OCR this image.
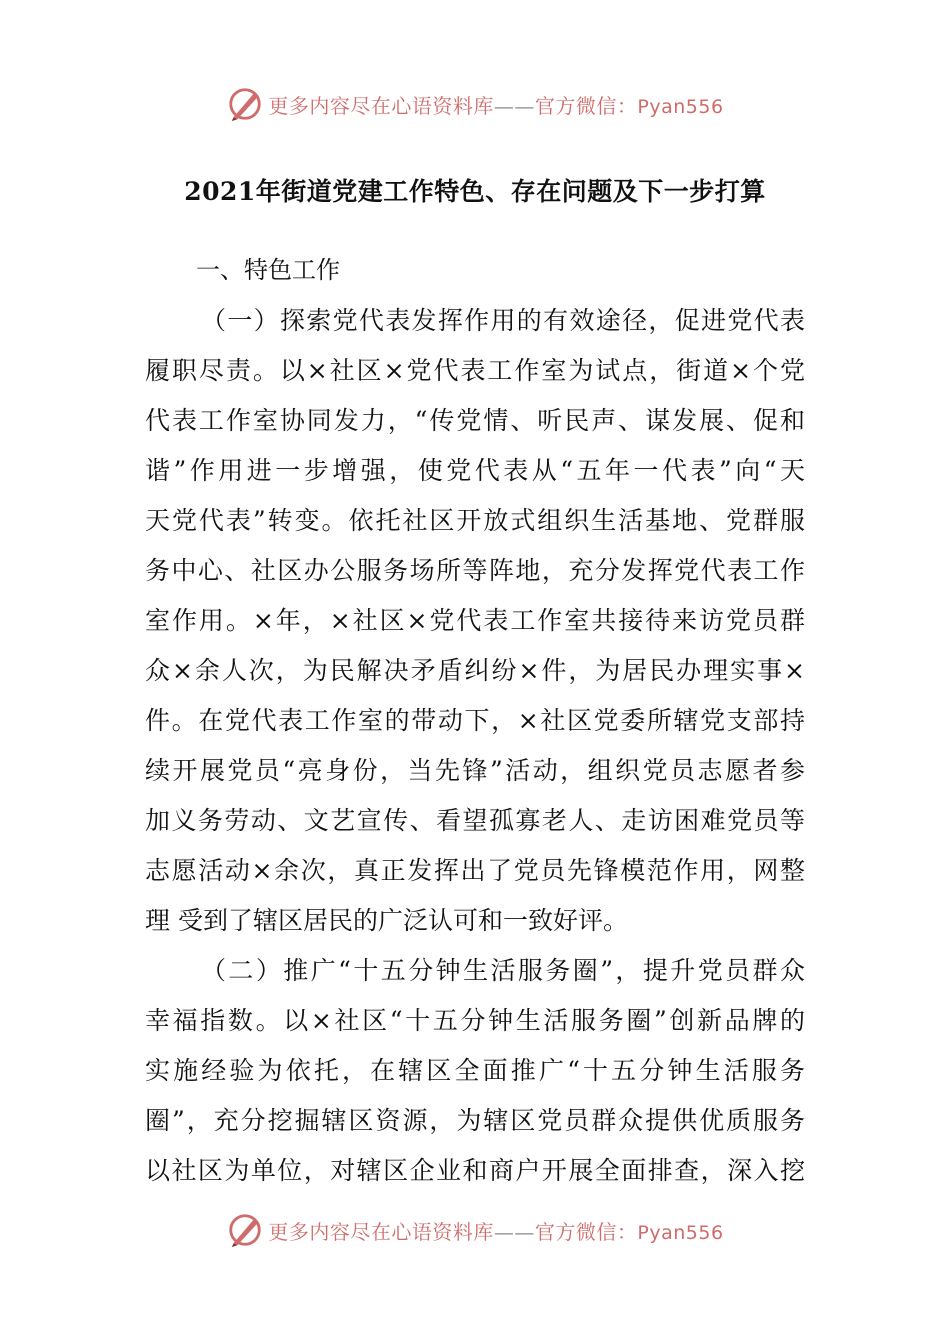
更多内容尽在心语资料库——官方微信：Pyan556
2021年街道党建工作特色、存在问题及下一步打算
一、特色工作
（一）探索党代表发挥作用的有效途径，促进党代表
履职尽责。以×社区×党代表工作室为试点，街道×个党
代表工作室协同发力，“传党情、听民声、谋发展、促和
谐”作用进一步增强，使党代表从“五年一代表”向“天
天党代表”转变。依托社区开放式组织生活基地、党群服
务中心、社区办公服务场所等阵地，充分发挥党代表工作
室作用。×年，×社区×党代表工作室共接待来访党员群
众×余人次，为民解决矛盾纠纷×件，为居民办理实事×
件。在党代表工作室的带动下，×社区党委所辖党支部持
续开展党员“亮身份，当先锋”活动，组织党员志愿者参
加义务劳动、文艺宣传、看望孤寡老人、走访困难党员等
志愿活动×余次，真正发挥出了党员先锋模范作用，网整
理 受到了辖区居民的广泛认可和一致好评。
（二）推广“十五分钟生活服务圈”，提升党员群众
幸福指数。以×社区“十五分钟生活服务圈”创新品牌的
实施经验为依托，在辖区全面推广“十五分钟生活服务
圈”，充分挖掘辖区资源，为辖区党员群众提供优质服务
以社区为单位，对辖区企业和商户开展全面排查，深入挖
更多内容尽在心语资料库——官方微信：Pyan556
